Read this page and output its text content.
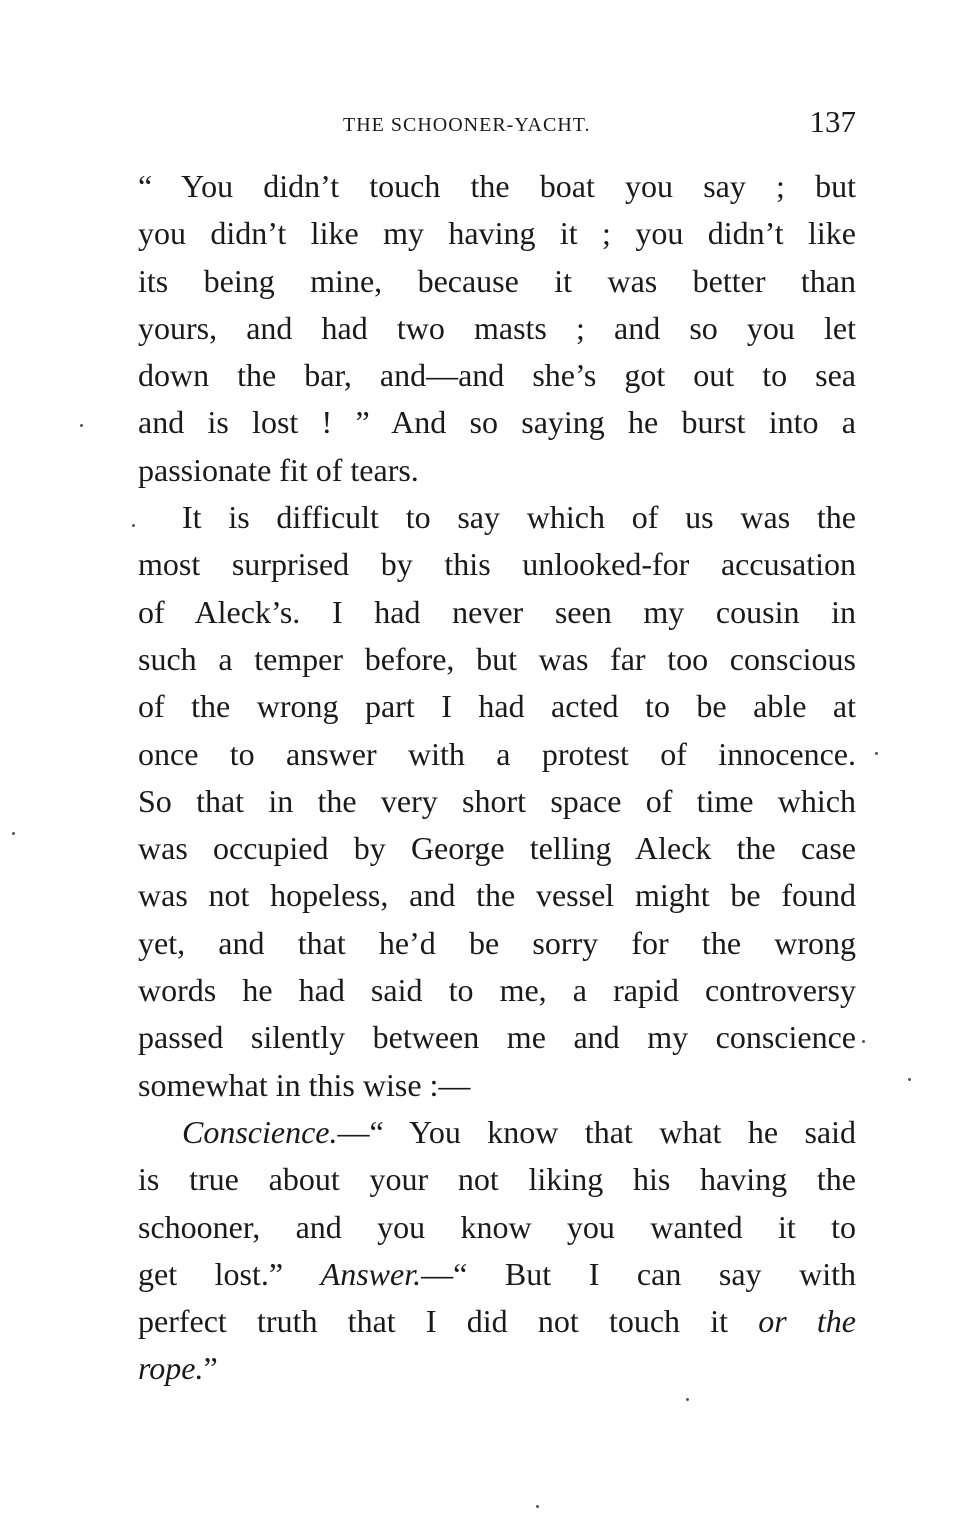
THE SCHOONER-YACHT.	137
“ You didn’t touch the boat you say ; but
you didn’t like my having it ; you didn’t like
its being mine, because it was better than
yours, and had two masts ; and so you let
down the bar, and—and she’s got out to sea
and is lost ! ” And so saying he burst into a
passionate fit of tears.
It is difficult to say which of us was the
most surprised by this unlooked-for accusation
of Aleck’s. I had never seen my cousin in
such a temper before, but was far too conscious
of the wrong part I had acted to be able at
once to answer with a protest of innocence.
So that in the very short space of time which
was occupied by George telling Aleck the case
was not hopeless, and the vessel might be found
yet, and that he’d be sorry for the wrong
words he had said to me, a rapid controversy
passed silently between me and my conscience
somewhat in this wise :—
Conscience.—“ You know that what he said
is true about your not liking his having the
schooner, and you know you wanted it to
get lost.” Answer.—“ But I can say with
perfect truth that I did not touch it or the
rope.”
